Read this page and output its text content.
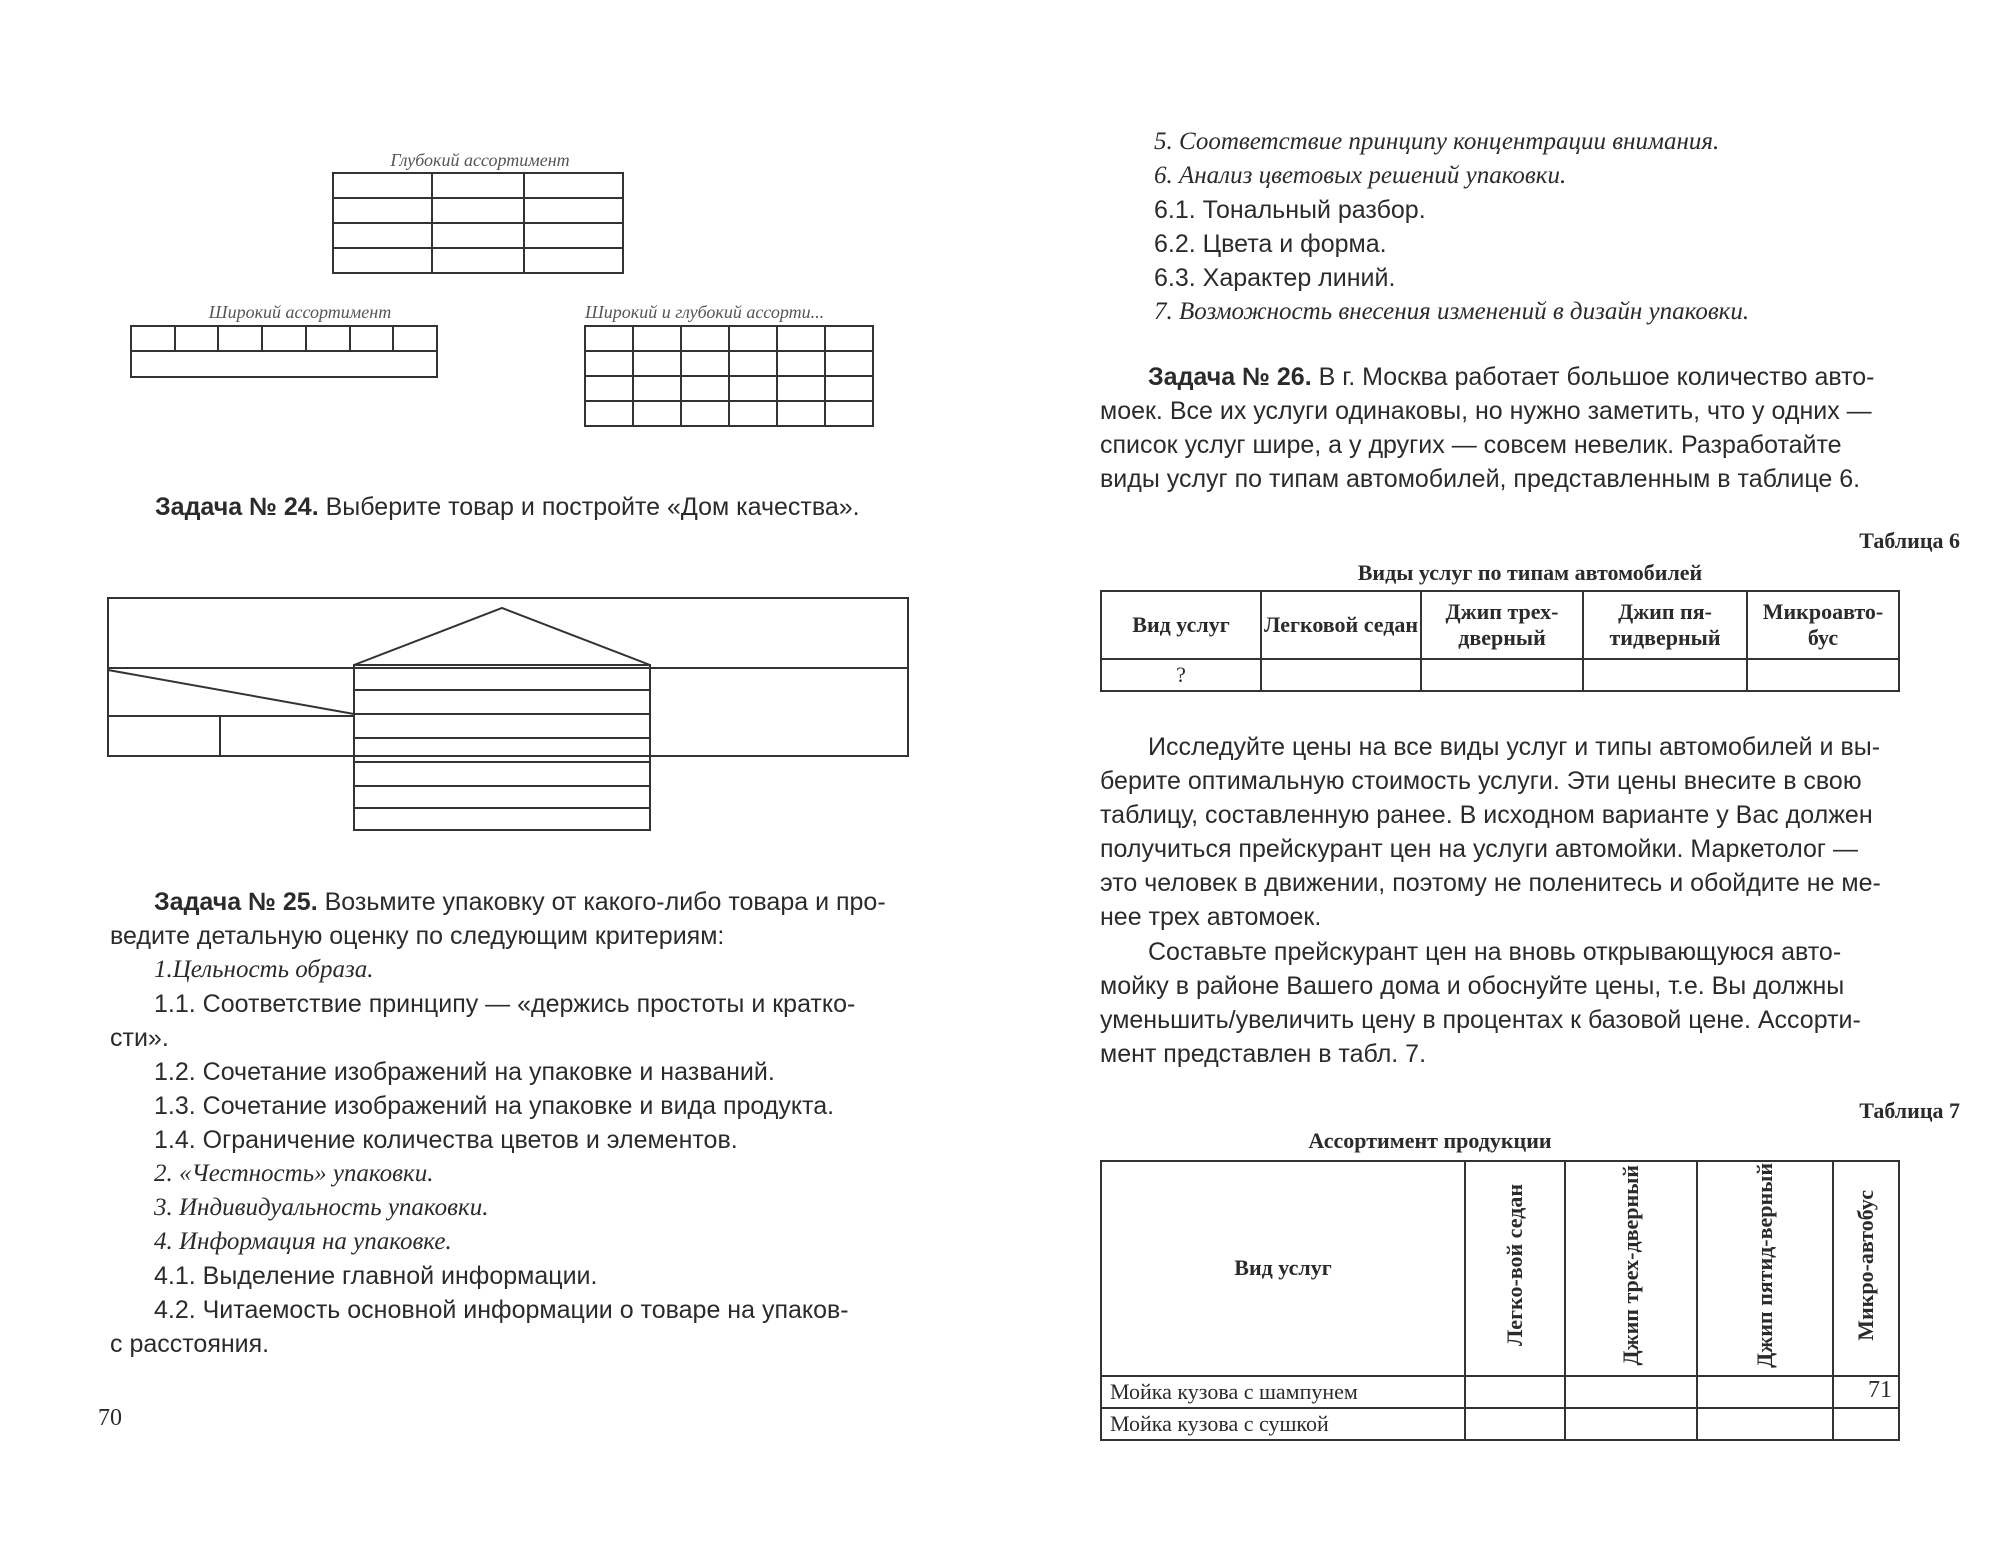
Глубокий ассортимент

Широкий ассортимент
							Широкий и глубокий ассорти...

Задача № 24. Выберите товар и постройте «Дом качества».

Задача № 25. Возьмите упаковку от какого-либо товара и про-

ведите детальную оценку по следующим критериям:

1.Цельность образа.

1.1. Соответствие принципу — «держись простоты и кратко-

сти».

1.2. Сочетание изображений на упаковке и названий.

1.3. Сочетание изображений на упаковке и вида продукта.

1.4. Ограничение количества цветов и элементов.

2. «Честность» упаковки.

3. Индивидуальность упаковки.

4. Информация на упаковке.

4.1. Выделение главной информации.

4.2. Читаемость основной информации о товаре на упаков-

с расстояния.

70

5. Соответствие принципу концентрации внимания.

6. Анализ цветовых решений упаковки.

6.1. Тональный разбор.

6.2. Цвета и форма.

6.3. Характер линий.

7. Возможность внесения изменений в дизайн упаковки.

Задача № 26. В г. Москва работает большое количество авто-

моек. Все их услуги одинаковы, но нужно заметить, что у одних —

список услуг шире, а у других — совсем невелик. Разработайте

виды услуг по типам автомобилей, представленным в таблице 6.

Таблица 6
Виды услуг по типам автомобилей
Вид услуг	Легковой седан	Джип трех-дверный	Джип пя-тидверный	Микроавто-бус
?				

Исследуйте цены на все виды услуг и типы автомобилей и вы-

берите оптимальную стоимость услуги. Эти цены внесите в свою

таблицу, составленную ранее. В исходном варианте у Вас должен

получиться прейскурант цен на услуги автомойки. Маркетолог —

это человек в движении, поэтому не поленитесь и обойдите не ме-

нее трех автомоек.

Составьте прейскурант цен на вновь открывающуюся авто-

мойку в районе Вашего дома и обоснуйте цены, т.е. Вы должны

уменьшить/увеличить цену в процентах к базовой цене. Ассорти-

мент представлен в табл. 7.

Таблица 7
Ассортимент продукции
Вид услуг	Легко-вой седан	Джип трех-дверный	Джип пятид-верный	Микро-автобус
Мойка кузова с шампунем				
Мойка кузова с сушкой				
71
